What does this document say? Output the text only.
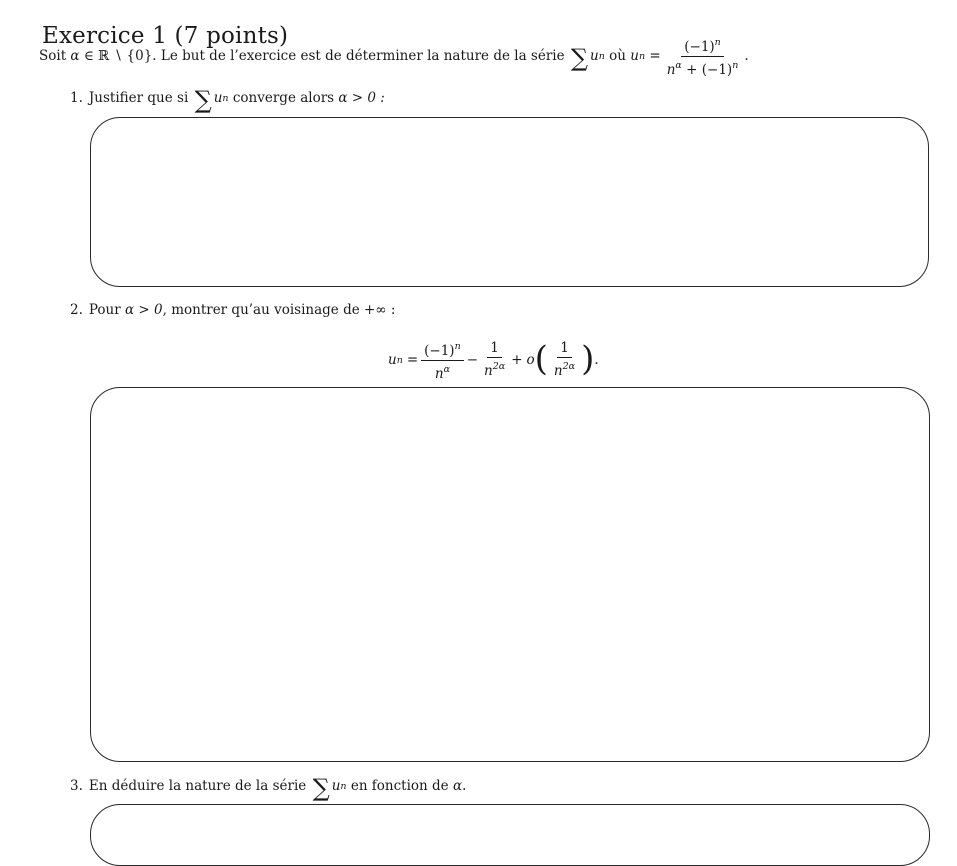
Exercice 1 (7 points)
Soit
α
∈ ℝ ∖ {0} . Le but de l’exercice est de déterminer la nature de la série
∑ u n
où
u n
= $\frac{(-1)^n}{n^\alpha + (-1)^n}$ .
1. Justifier que si
∑ u n
converge alors
α > 0 :
2. Pour α > 0, montrer qu’au voisinage de +∞ :
u $n = \frac{(-1)^n}{n^\alpha} - \frac{1}{n^{2\alpha}} + o$ ( $\frac{1}{n^{2\alpha}}$ ) .
3. En déduire la nature de la série
∑ u n
en fonction de
α.
